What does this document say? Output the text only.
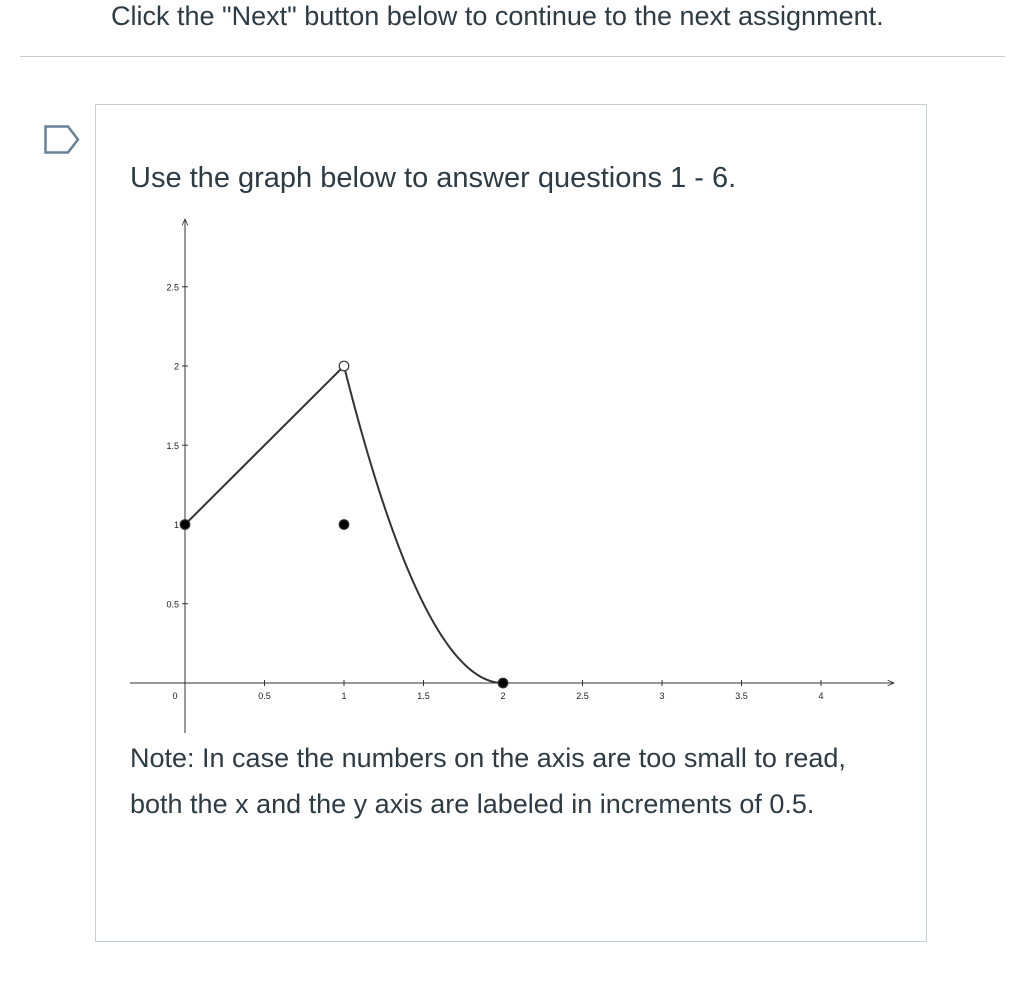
Click the "Next" button below to continue to the next assignment.
Use the graph below to answer questions 1 - 6.
0	0.5	1	1.5	2	2.5	3	3.5	4
0.5
1
1.5
2
2.5
Note: In case the numbers on the axis are too small to read, both the x and the y axis are labeled in increments of 0.5.
